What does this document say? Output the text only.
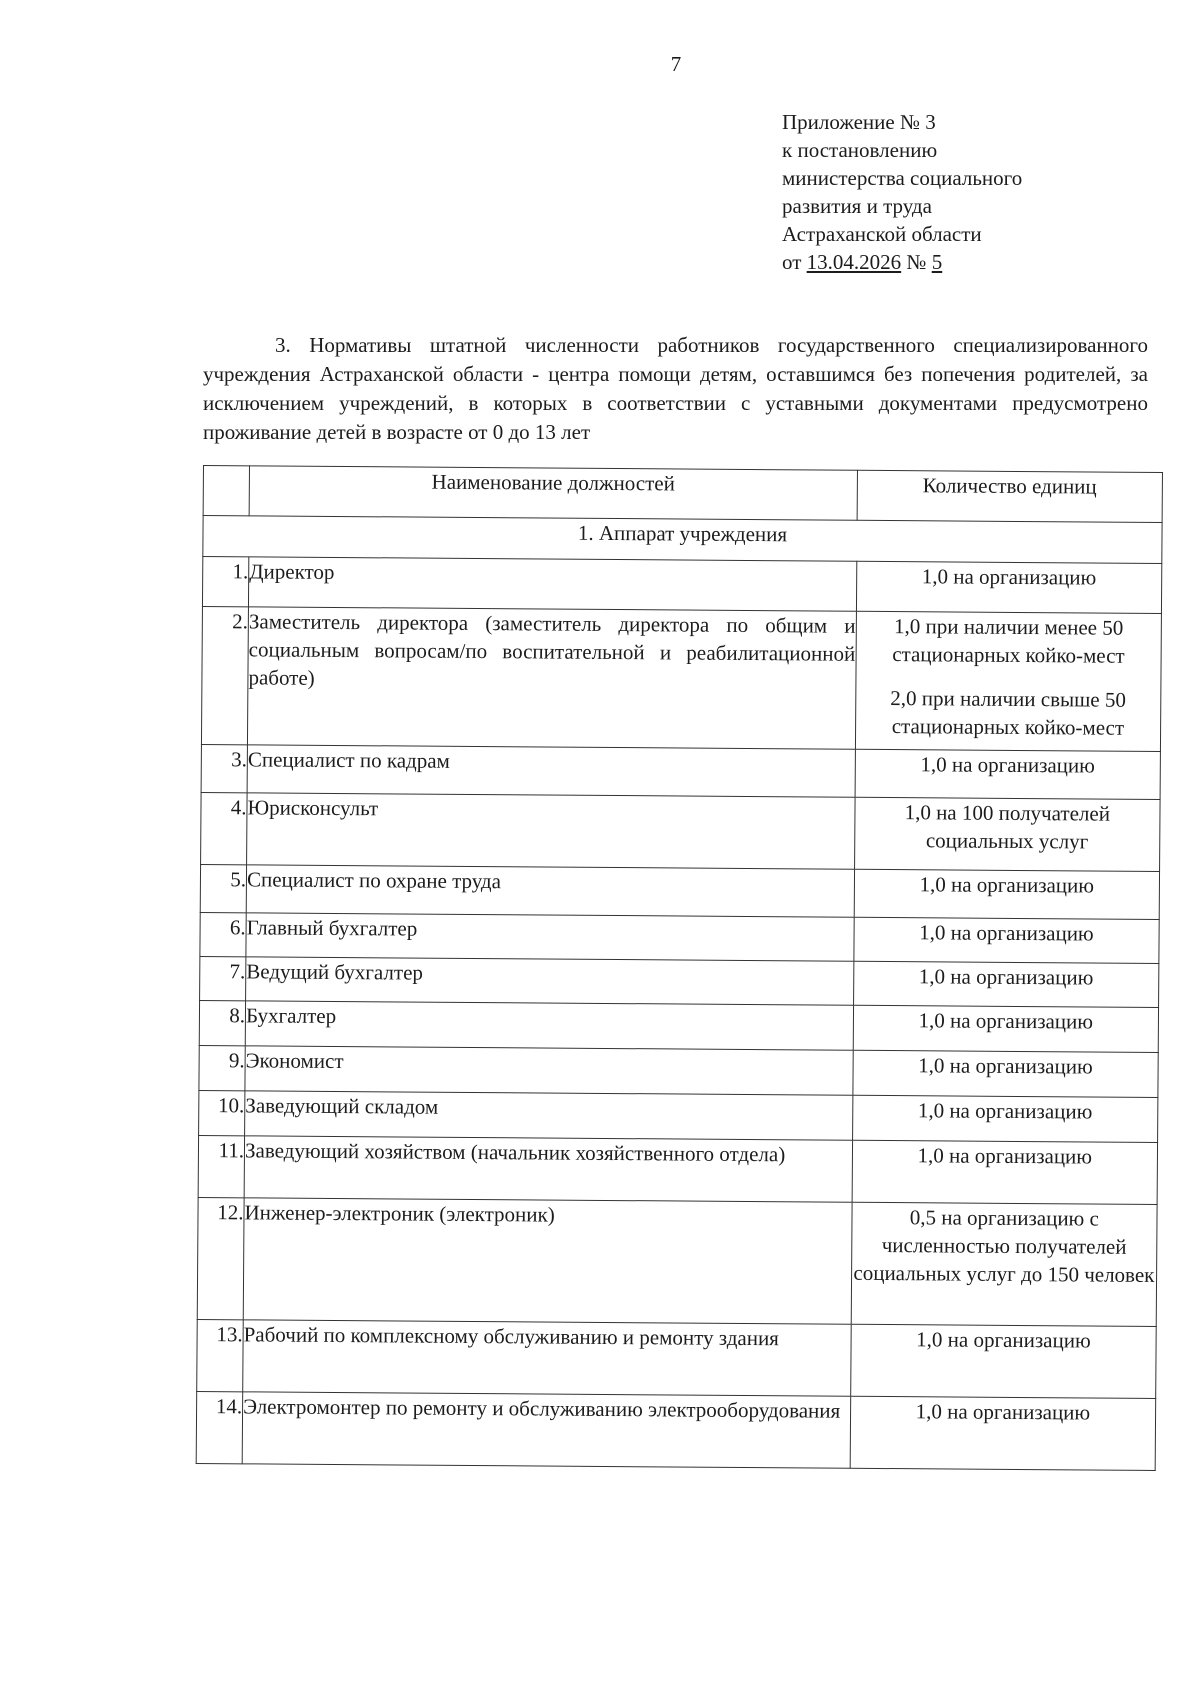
7
Приложение № 3
к постановлению
министерства социального
развития и труда
Астраханской области
от 13.04.2026 № 5
3. Нормативы штатной численности работников государственного специализированного учреждения Астраханской области - центра помощи детям, оставшимся без попечения родителей, за исключением учреждений, в которых в соответствии с уставными документами предусмотрено проживание детей в возрасте от 0 до 13 лет
	Наименование должностей	Количество единиц
1. Аппарат учреждения		
1.	Директор	1,0 на организацию

2.	Заместитель директора (заместитель директора по общим и социальным вопросам/по воспитательной и реабилитационной работе)	1,0 при наличии менее 50 стационарных койко-мест
2,0 при наличии свыше 50 стационарных койко-мест

3.	Специалист по кадрам	1,0 на организацию

4.	Юрисконсульт	1,0 на 100 получателей социальных услуг

5.	Специалист по охране труда	1,0 на организацию

6.	Главный бухгалтер	1,0 на организацию

7.	Ведущий бухгалтер	1,0 на организацию

8.	Бухгалтер	1,0 на организацию

9.	Экономист	1,0 на организацию

10.	Заведующий складом	1,0 на организацию

11.	Заведующий хозяйством (начальник хозяйственного отдела)	1,0 на организацию

12.	Инженер-электроник (электроник)	0,5 на организацию с численностью получателей социальных услуг до 150 человек

13.	Рабочий по комплексному обслуживанию и ремонту здания	1,0 на организацию

14.	Электромонтер по ремонту и обслуживанию электрооборудования	1,0 на организацию
